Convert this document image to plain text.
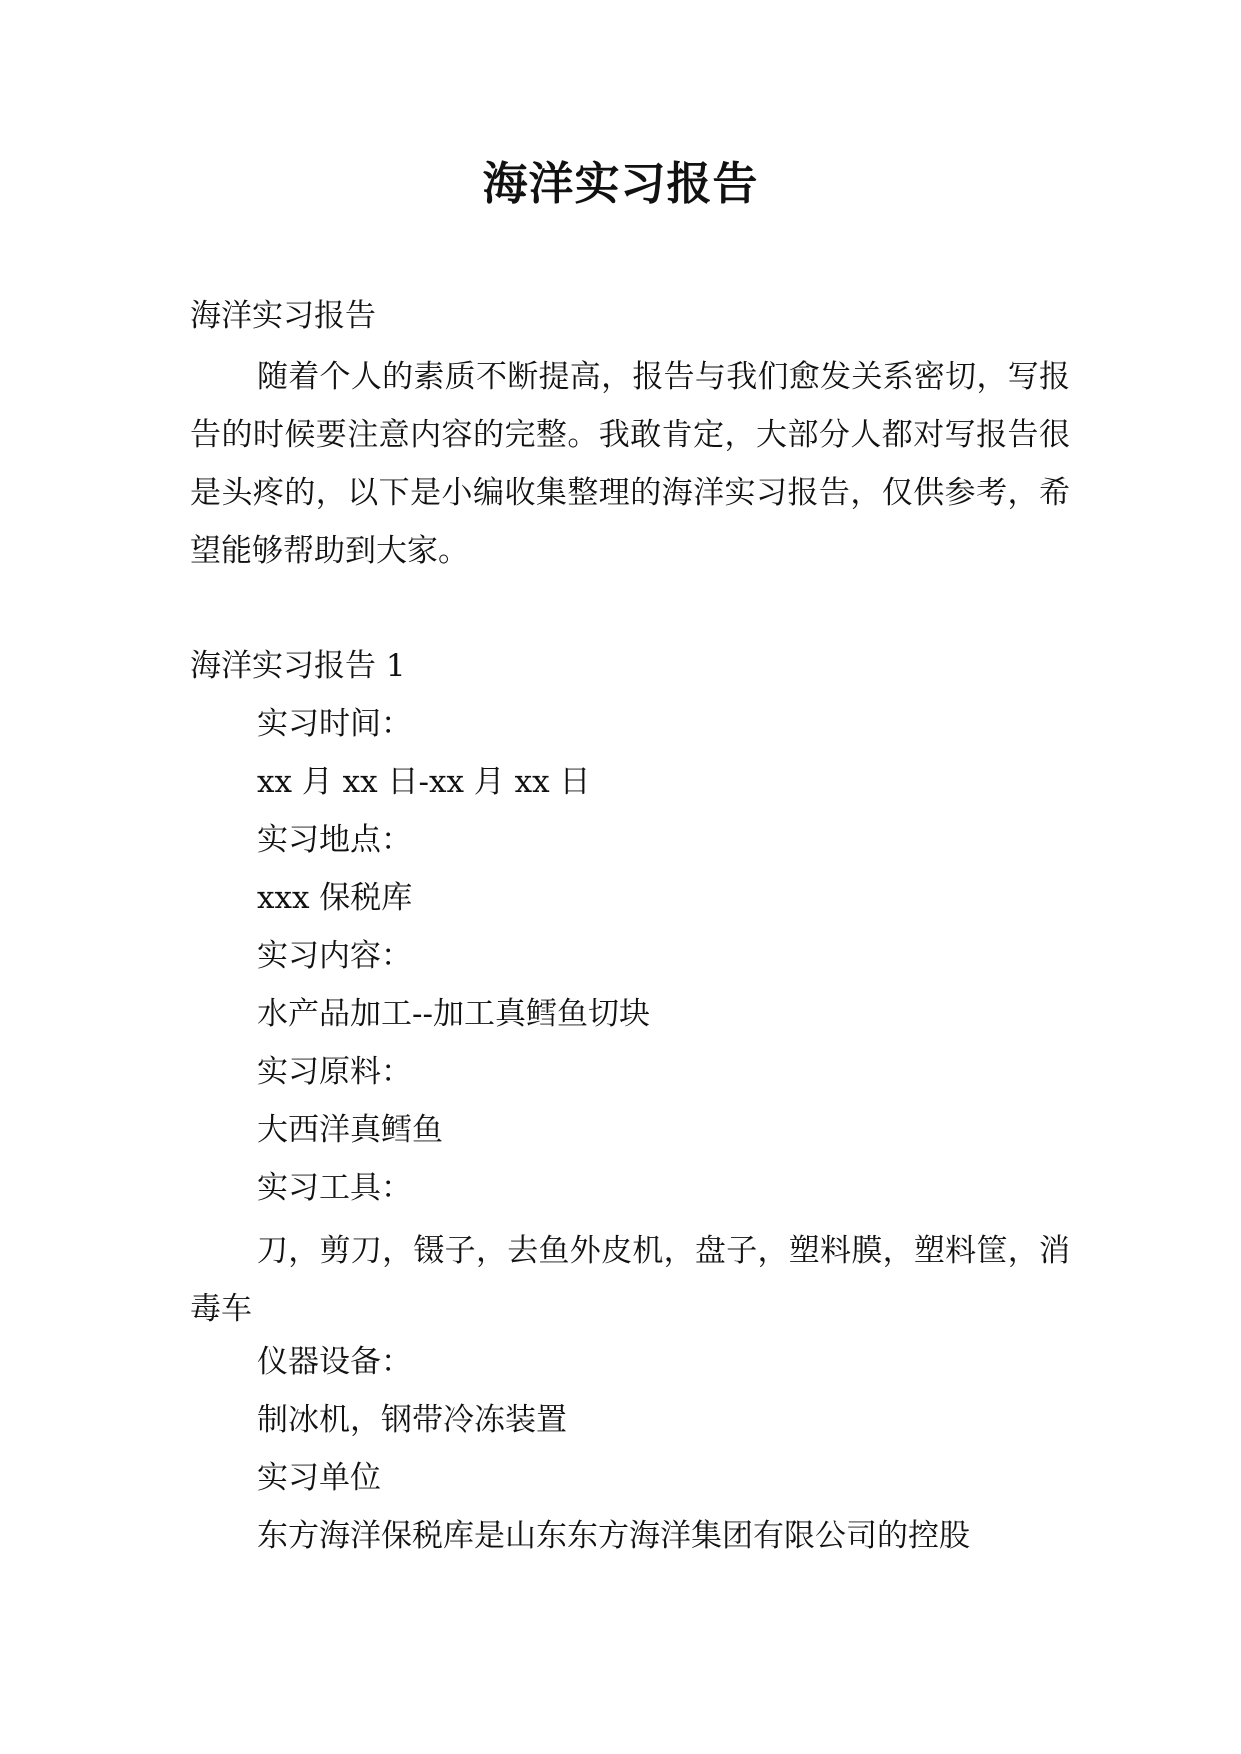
海洋实习报告

海洋实习报告

随着个人的素质不断提高，报告与我们愈发关系密切，写报告的时候要注意内容的完整。我敢肯定，大部分人都对写报告很是头疼的，以下是小编收集整理的海洋实习报告，仅供参考，希望能够帮助到大家。

海洋实习报告 1

实习时间：

xx 月 xx 日-xx 月 xx 日

实习地点：

xxx 保税库

实习内容：

水产品加工--加工真鳕鱼切块

实习原料：

大西洋真鳕鱼

实习工具：

刀，剪刀，镊子，去鱼外皮机，盘子，塑料膜，塑料筐，消毒车

仪器设备：

制冰机，钢带冷冻装置

实习单位

东方海洋保税库是山东东方海洋集团有限公司的控股
